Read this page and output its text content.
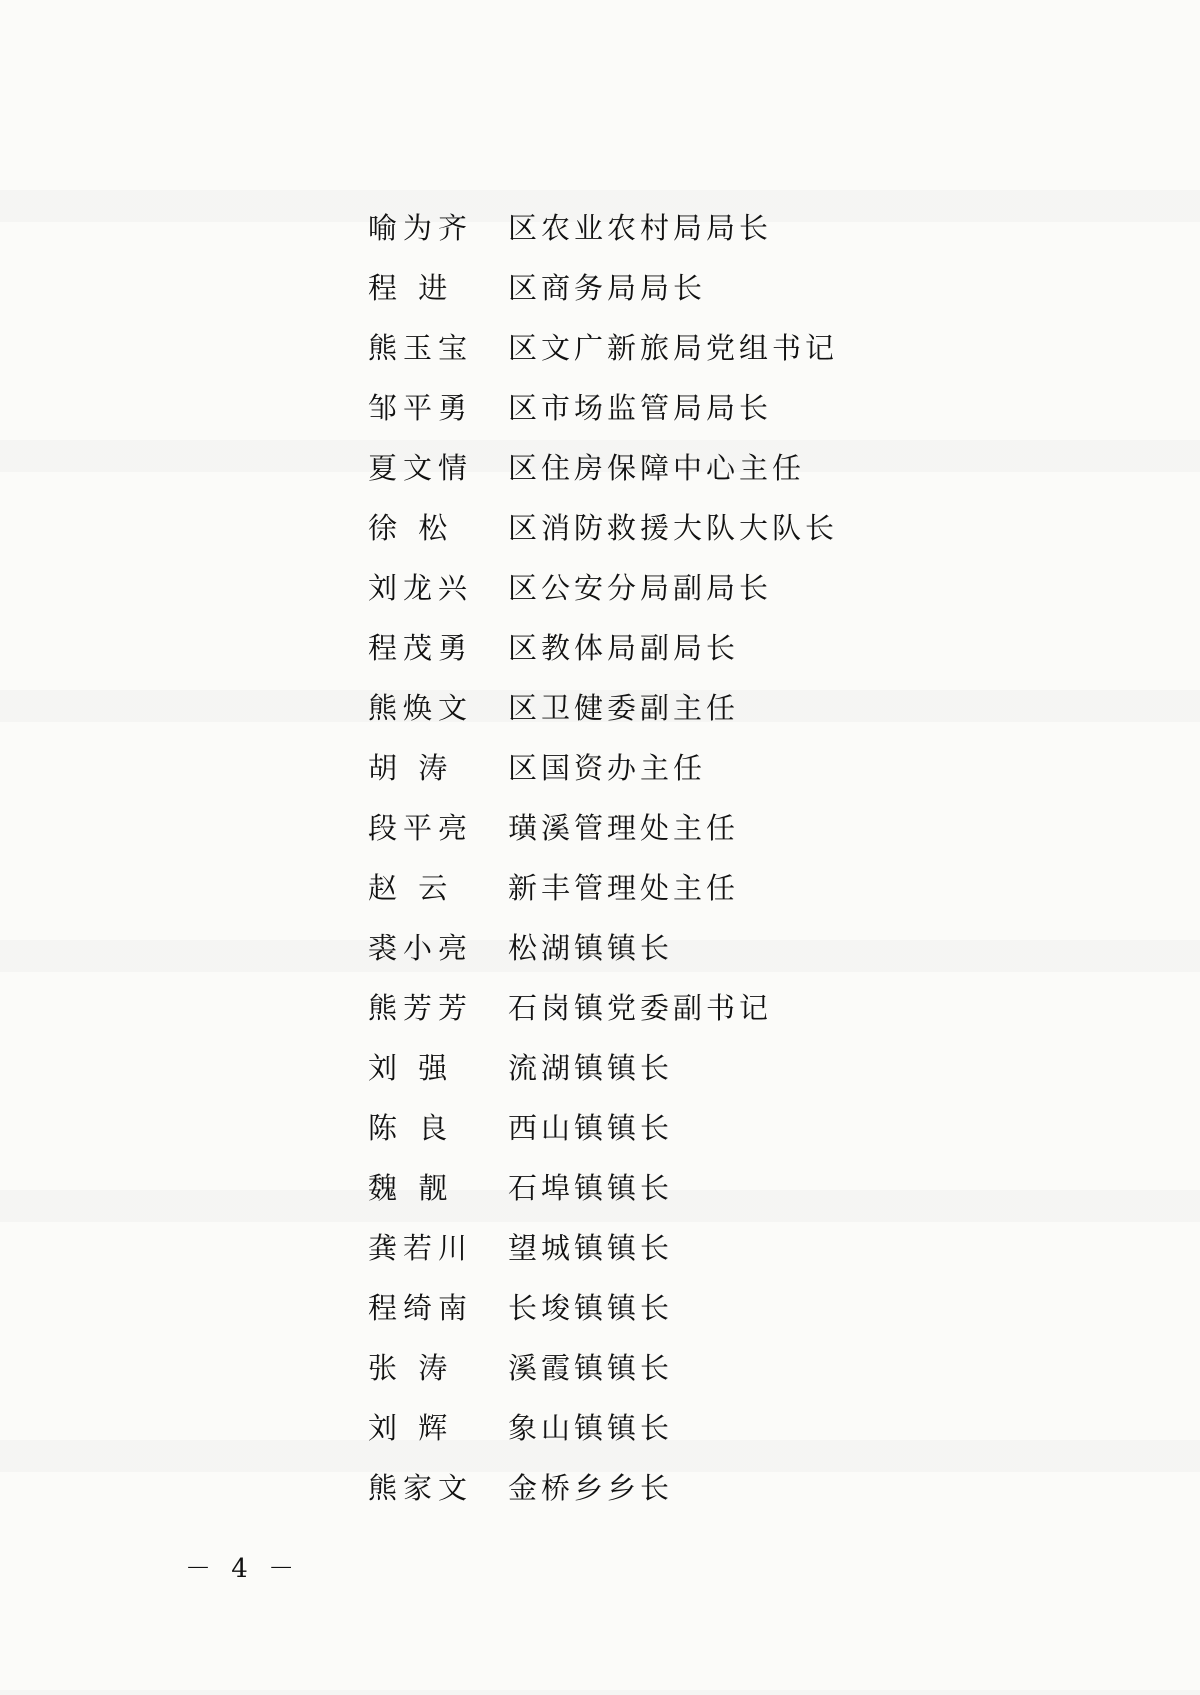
喻为齐	区农业农村局局长
程 进	区商务局局长
熊玉宝	区文广新旅局党组书记
邹平勇	区市场监管局局长
夏文情	区住房保障中心主任
徐 松	区消防救援大队大队长
刘龙兴	区公安分局副局长
程茂勇	区教体局副局长
熊焕文	区卫健委副主任
胡 涛	区国资办主任
段平亮	璜溪管理处主任
赵 云	新丰管理处主任
裘小亮	松湖镇镇长
熊芳芳	石岗镇党委副书记
刘 强	流湖镇镇长
陈 良	西山镇镇长
魏 靓	石埠镇镇长
龚若川	望城镇镇长
程绮南	长埈镇镇长
张 涛	溪霞镇镇长
刘 辉	象山镇镇长
熊家文	金桥乡乡长
－ 4 －
